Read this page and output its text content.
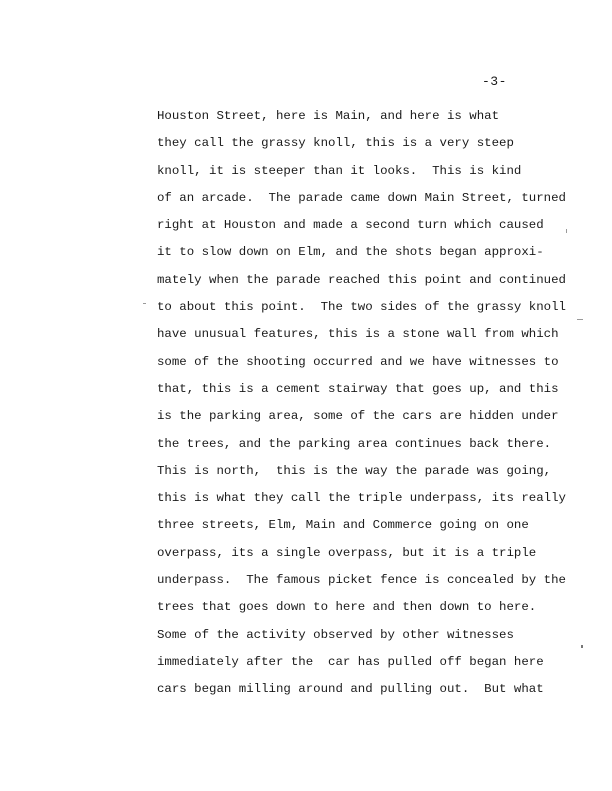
-3-
Houston Street, here is Main, and here is what
they call the grassy knoll, this is a very steep
knoll, it is steeper than it looks.  This is kind
of an arcade.  The parade came down Main Street, turned
right at Houston and made a second turn which caused
it to slow down on Elm, and the shots began approxi-
mately when the parade reached this point and continued
to about this point.  The two sides of the grassy knoll
have unusual features, this is a stone wall from which
some of the shooting occurred and we have witnesses to
that, this is a cement stairway that goes up, and this
is the parking area, some of the cars are hidden under
the trees, and the parking area continues back there.
This is north,  this is the way the parade was going,
this is what they call the triple underpass, its really
three streets, Elm, Main and Commerce going on one
overpass, its a single overpass, but it is a triple
underpass.  The famous picket fence is concealed by the
trees that goes down to here and then down to here.
Some of the activity observed by other witnesses
immediately after the  car has pulled off began here
cars began milling around and pulling out.  But what
